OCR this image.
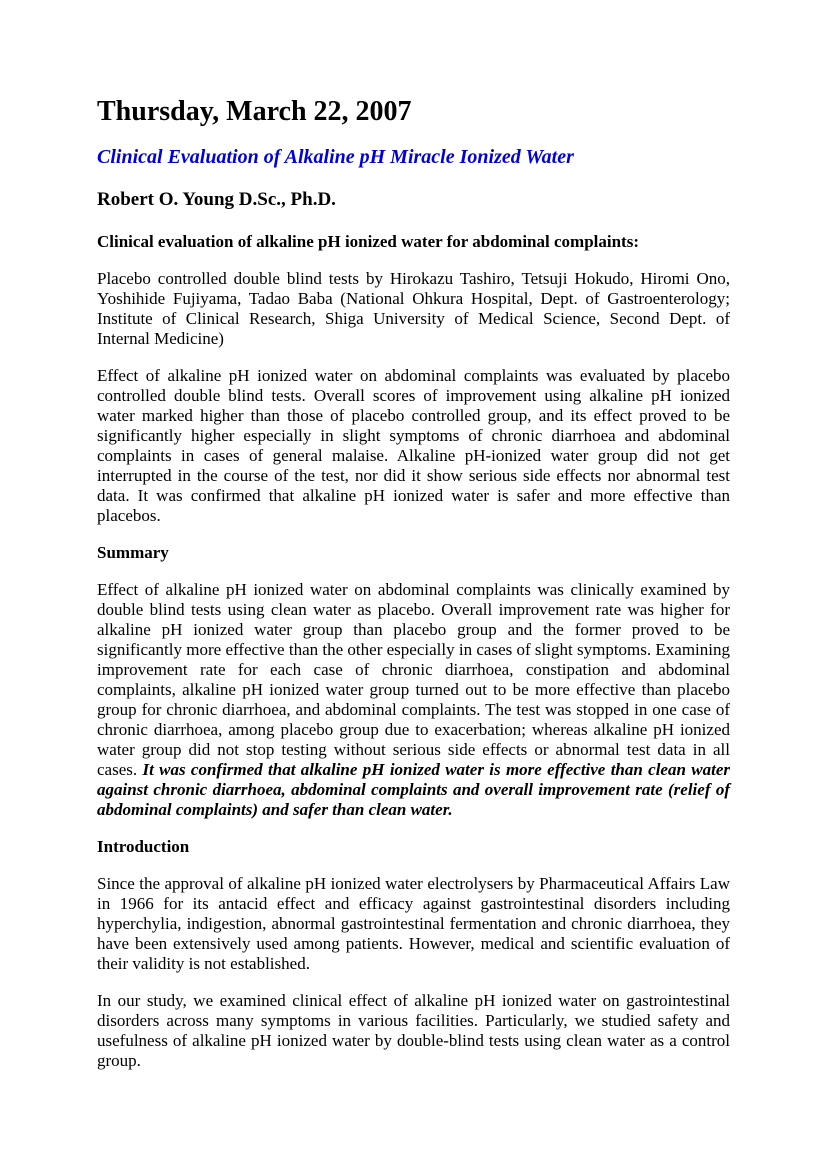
Thursday, March 22, 2007
Clinical Evaluation of Alkaline pH Miracle Ionized Water
Robert O. Young D.Sc., Ph.D.
Clinical evaluation of alkaline pH ionized water for abdominal complaints:

Placebo controlled double blind tests by Hirokazu Tashiro, Tetsuji Hokudo, Hiromi Ono, Yoshihide Fujiyama, Tadao Baba (National Ohkura Hospital, Dept. of Gastroenterology; Institute of Clinical Research, Shiga University of Medical Science, Second Dept. of Internal Medicine)

Effect of alkaline pH ionized water on abdominal complaints was evaluated by placebo controlled double blind tests. Overall scores of improvement using alkaline pH ionized water marked higher than those of placebo controlled group, and its effect proved to be significantly higher especially in slight symptoms of chronic diarrhoea and abdominal complaints in cases of general malaise. Alkaline pH-ionized water group did not get interrupted in the course of the test, nor did it show serious side effects nor abnormal test data. It was confirmed that alkaline pH ionized water is safer and more effective than placebos.

Summary

Effect of alkaline pH ionized water on abdominal complaints was clinically examined by double blind tests using clean water as placebo. Overall improvement rate was higher for alkaline pH ionized water group than placebo group and the former proved to be significantly more effective than the other especially in cases of slight symptoms. Examining improvement rate for each case of chronic diarrhoea, constipation and abdominal complaints, alkaline pH ionized water group turned out to be more effective than placebo group for chronic diarrhoea, and abdominal complaints. The test was stopped in one case of chronic diarrhoea, among placebo group due to exacerbation; whereas alkaline pH ionized water group did not stop testing without serious side effects or abnormal test data in all cases. It was confirmed that alkaline pH ionized water is more effective than clean water against chronic diarrhoea, abdominal complaints and overall improvement rate (relief of abdominal complaints) and safer than clean water.

Introduction

Since the approval of alkaline pH ionized water electrolysers by Pharmaceutical Affairs Law in 1966 for its antacid effect and efficacy against gastrointestinal disorders including hyperchylia, indigestion, abnormal gastrointestinal fermentation and chronic diarrhoea, they have been extensively used among patients. However, medical and scientific evaluation of their validity is not established.

In our study, we examined clinical effect of alkaline pH ionized water on gastrointestinal disorders across many symptoms in various facilities. Particularly, we studied safety and usefulness of alkaline pH ionized water by double-blind tests using clean water as a control group.
